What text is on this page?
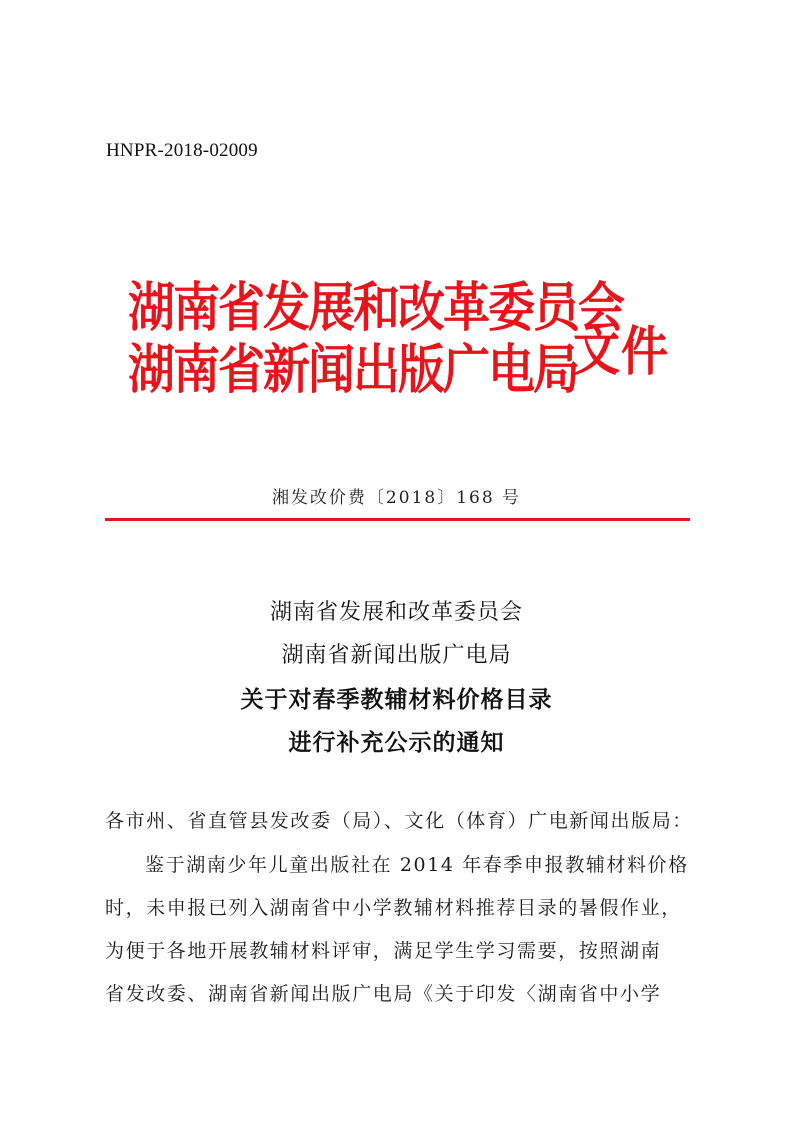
HNPR-2018-02009
湖南省发展和改革委员会
湖南省新闻出版广电局
文件
湘发改价费〔2018〕168 号
湖南省发展和改革委员会
湖南省新闻出版广电局
关于对春季教辅材料价格目录
进行补充公示的通知
各市州、省直管县发改委（局）、文化（体育）广电新闻出版局：
鉴于湖南少年儿童出版社在 2014 年春季申报教辅材料价格
时，未申报已列入湖南省中小学教辅材料推荐目录的暑假作业，
为便于各地开展教辅材料评审，满足学生学习需要，按照湖南
省发改委、湖南省新闻出版广电局《关于印发〈湖南省中小学
